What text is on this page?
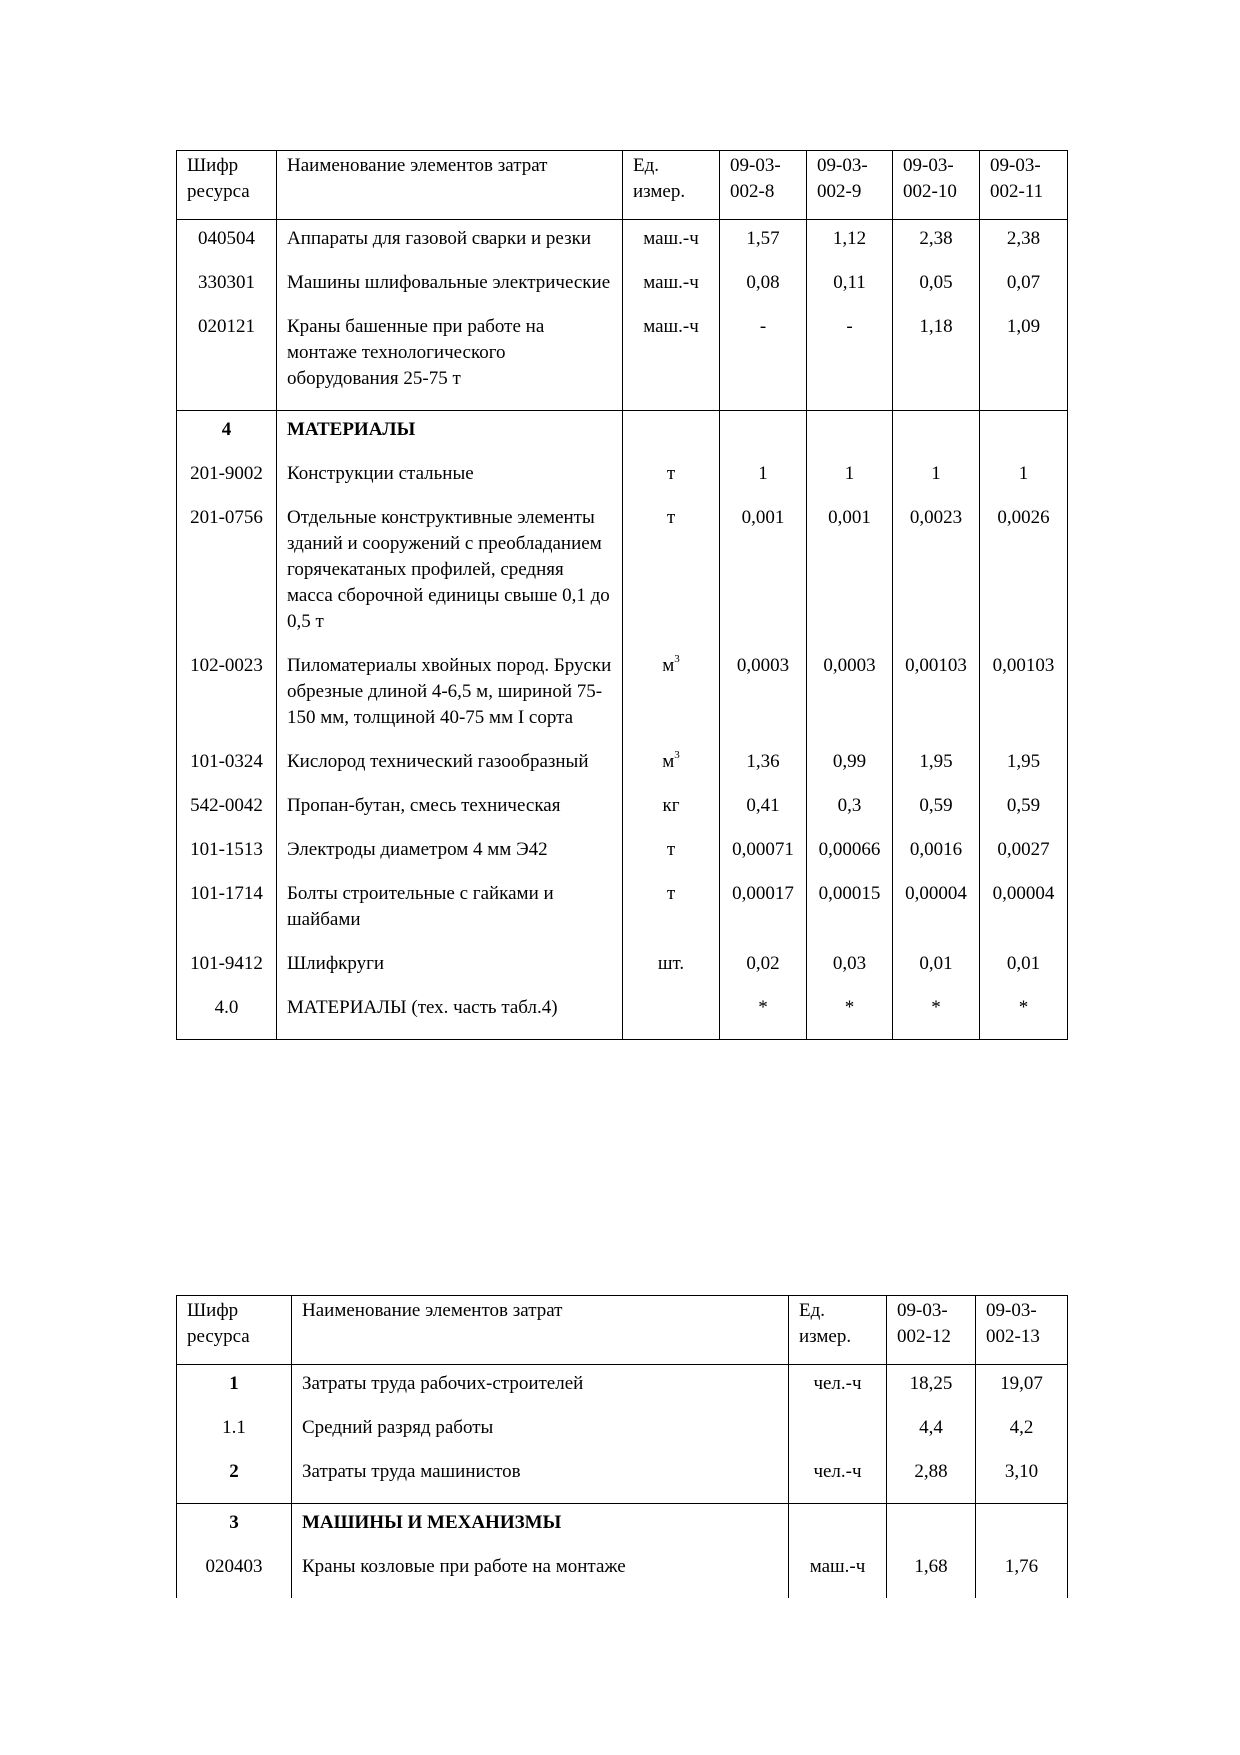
Шифр ресурса	Наименование элементов затрат	Ед. измер.	09-03-002-8	09-03-002-9	09-03-002-10	09-03-002-11
040504	Аппараты для газовой сварки и резки	маш.-ч	1,57	1,12	2,38	2,38
330301	Машины шлифовальные электрические	маш.-ч	0,08	0,11	0,05	0,07
020121	Краны башенные при работе на монтаже технологического оборудования 25-75 т	маш.-ч	-	-	1,18	1,09
4	МАТЕРИАЛЫ					
201-9002	Конструкции стальные	т	1	1	1	1
201-0756	Отдельные конструктивные элементы зданий и сооружений с преобладанием горячекатаных профилей, средняя масса сборочной единицы свыше 0,1 до 0,5 т	т	0,001	0,001	0,0023	0,0026
102-0023	Пиломатериалы хвойных пород. Бруски обрезные длиной 4-6,5 м, шириной 75-150 мм, толщиной 40-75 мм I сорта	$м^3$	0,0003	0,0003	0,00103	0,00103
101-0324	Кислород технический газообразный	$м^3$	1,36	0,99	1,95	1,95
542-0042	Пропан-бутан, смесь техническая	кг	0,41	0,3	0,59	0,59
101-1513	Электроды диаметром 4 мм Э42	т	0,00071	0,00066	0,0016	0,0027
101-1714	Болты строительные с гайками и шайбами	т	0,00017	0,00015	0,00004	0,00004
101-9412	Шлифкруги	шт.	0,02	0,03	0,01	0,01
4.0	МАТЕРИАЛЫ (тех. часть табл.4)		*	*	*	*
Шифр ресурса	Наименование элементов затрат	Ед. измер.	09-03-002-12	09-03-002-13
1	Затраты труда рабочих-строителей	чел.-ч	18,25	19,07
1.1	Средний разряд работы		4,4	4,2
2	Затраты труда машинистов	чел.-ч	2,88	3,10
3	МАШИНЫ И МЕХАНИЗМЫ			
020403	Краны козловые при работе на монтаже	маш.-ч	1,68	1,76
